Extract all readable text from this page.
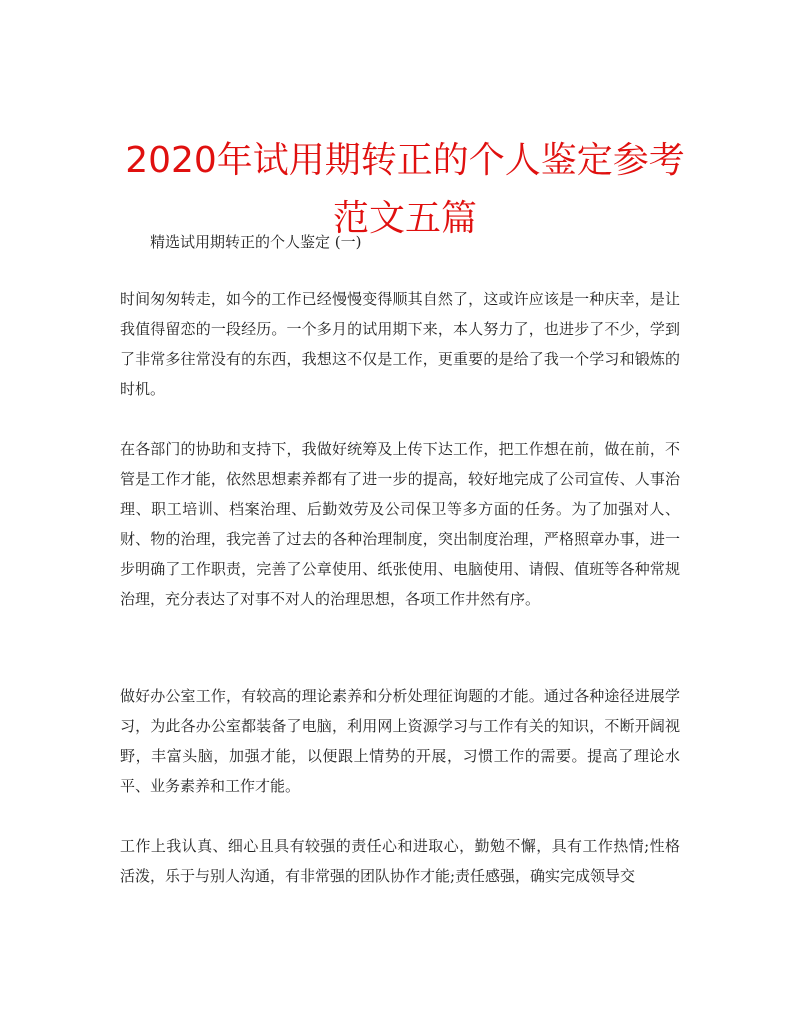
2020年试用期转正的个人鉴定参考范文五篇
精选试用期转正的个人鉴定 (一)

时间匆匆转走，如今的工作已经慢慢变得顺其自然了，这或许应该是一种庆幸，是让我值得留恋的一段经历。一个多月的试用期下来，本人努力了，也进步了不少，学到了非常多往常没有的东西，我想这不仅是工作，更重要的是给了我一个学习和锻炼的时机。

在各部门的协助和支持下，我做好统筹及上传下达工作，把工作想在前，做在前，不管是工作才能，依然思想素养都有了进一步的提高，较好地完成了公司宣传、人事治理、职工培训、档案治理、后勤效劳及公司保卫等多方面的任务。为了加强对人、财、物的治理，我完善了过去的各种治理制度，突出制度治理，严格照章办事，进一步明确了工作职责，完善了公章使用、纸张使用、电脑使用、请假、值班等各种常规治理，充分表达了对事不对人的治理思想，各项工作井然有序。

做好办公室工作，有较高的理论素养和分析处理征询题的才能。通过各种途径进展学习，为此各办公室都装备了电脑，利用网上资源学习与工作有关的知识，不断开阔视野，丰富头脑，加强才能，以便跟上情势的开展，习惯工作的需要。提高了理论水平、业务素养和工作才能。

工作上我认真、细心且具有较强的责任心和进取心，勤勉不懈，具有工作热情;性格活泼，乐于与别人沟通，有非常强的团队协作才能;责任感强，确实完成领导交
